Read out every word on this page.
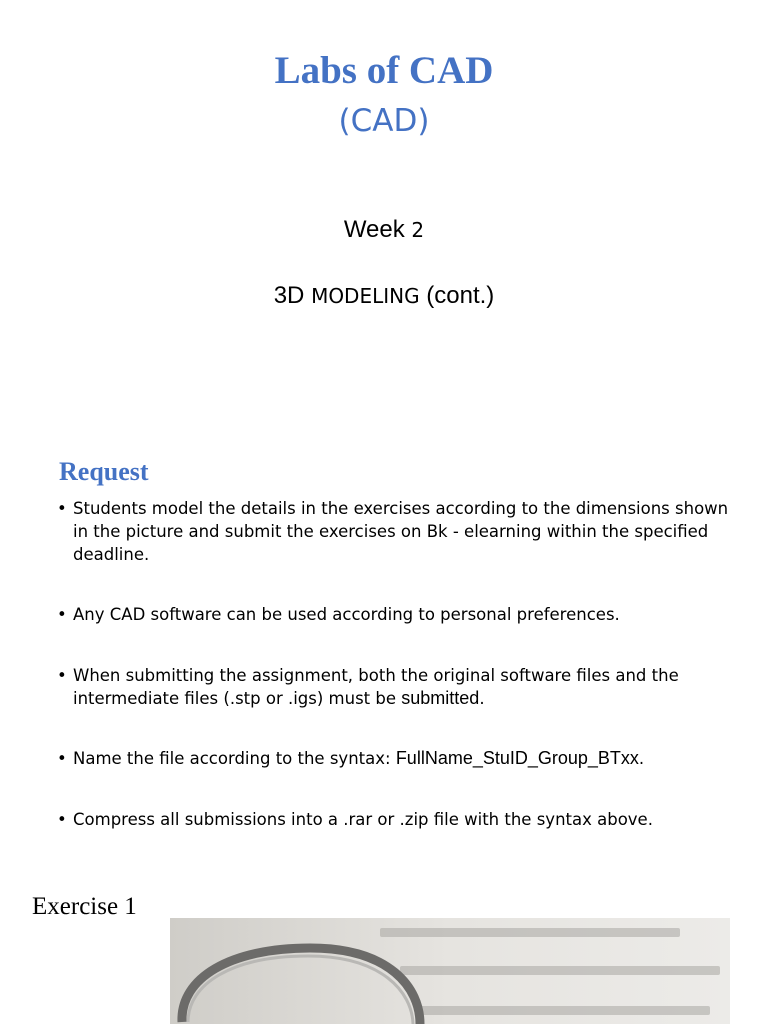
Labs of CAD
(CAD)
Week 2
3D MODELING (cont.)
Request
• Students model the details in the exercises according to the dimensions shown in the picture and submit the exercises on Bk - elearning within the specified deadline.
• Any CAD software can be used according to personal preferences.
• When submitting the assignment, both the original software files and the intermediate files (.stp or .igs) must be submitted.
• Name the file according to the syntax: FullName_StuID_Group_BTxx.
• Compress all submissions into a .rar or .zip file with the syntax above.
Exercise 1
